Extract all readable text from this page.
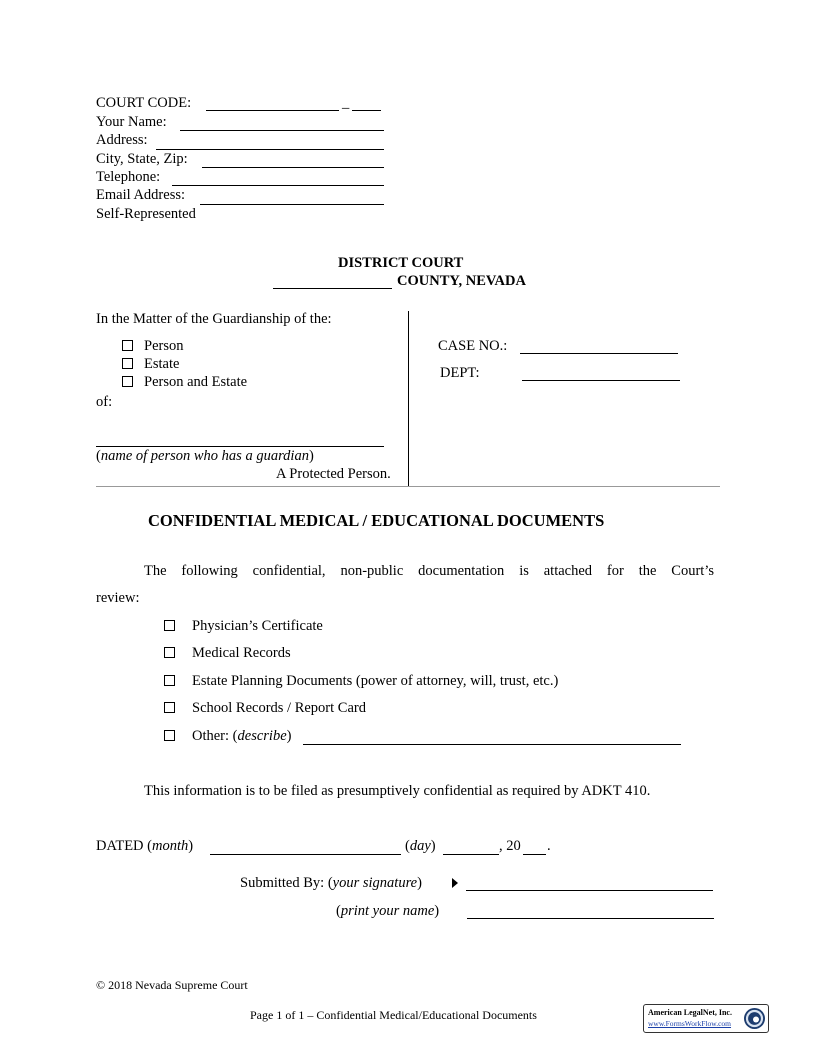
COURT CODE:	_
Your Name:
Address:
City, State, Zip:
Telephone:
Email Address:
Self-Represented
DISTRICT COURT
COUNTY, NEVADA
In the Matter of the Guardianship of the:
Person
Estate
Person and Estate
of:
(name of person who has a guardian)
A Protected Person.
CASE NO.:
DEPT:
CONFIDENTIAL MEDICAL / EDUCATIONAL DOCUMENTS
The following confidential, non-public documentation is attached for the Court’s
review:
Physician’s Certificate
Medical Records
Estate Planning Documents (power of attorney, will, trust, etc.)
School Records / Report Card
Other: (describe)
This information is to be filed as presumptively confidential as required by ADKT 410.
DATED (month)	(day)	, 20 .
Submitted By: (your signature)
(print your name)
© 2018 Nevada Supreme Court
Page 1 of 1 – Confidential Medical/Educational Documents	American LegalNet, Inc.
www.FormsWorkFlow.com
